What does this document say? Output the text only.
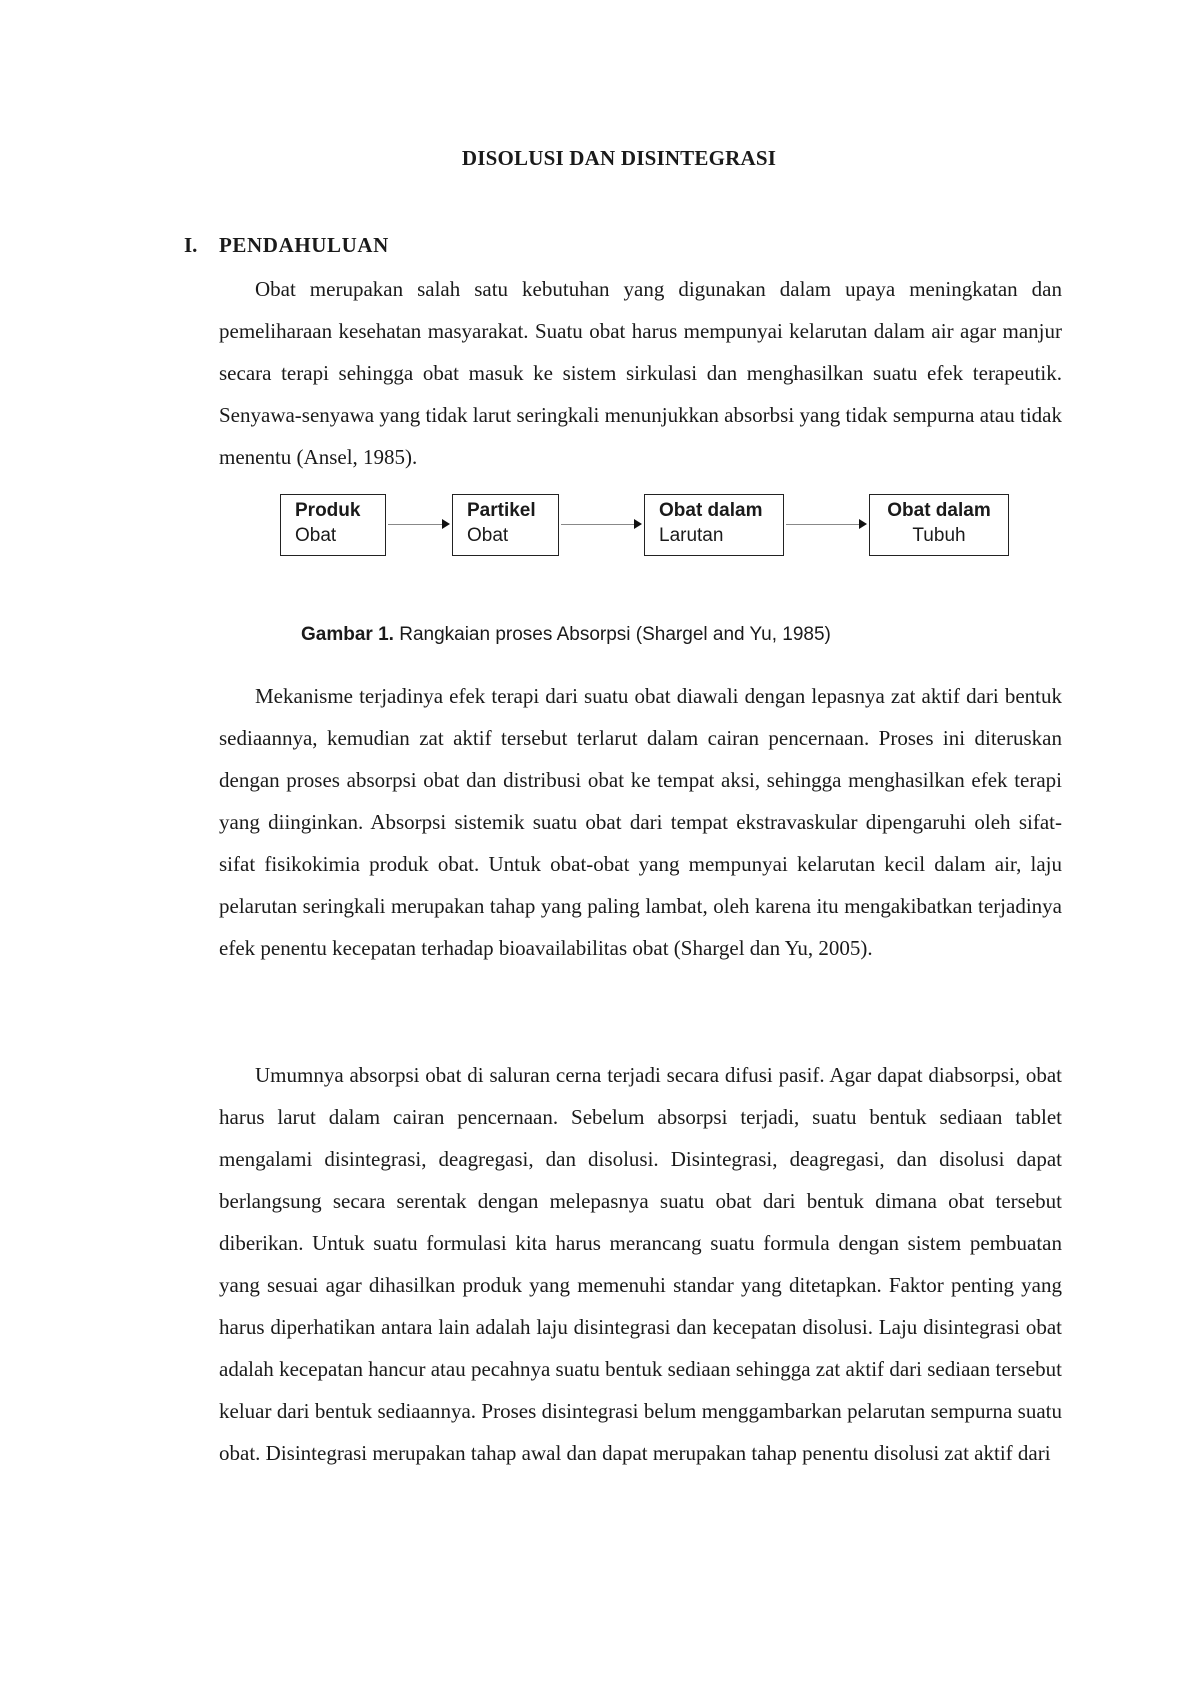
DISOLUSI DAN DISINTEGRASI
I. PENDAHULUAN

Obat merupakan salah satu kebutuhan yang digunakan dalam upaya meningkatan dan pemeliharaan kesehatan masyarakat. Suatu obat harus mempunyai kelarutan dalam air agar manjur secara terapi sehingga obat masuk ke sistem sirkulasi dan menghasilkan suatu efek terapeutik. Senyawa-senyawa yang tidak larut seringkali menunjukkan absorbsi yang tidak sempurna atau tidak menentu (Ansel, 1985).

Produk
Obat
Partikel
Obat
Obat dalam
Larutan
Obat dalam
Tubuh
Gambar 1. Rangkaian proses Absorpsi (Shargel and Yu, 1985)

Mekanisme terjadinya efek terapi dari suatu obat diawali dengan lepasnya zat aktif dari bentuk sediaannya, kemudian zat aktif tersebut terlarut dalam cairan pencernaan. Proses ini diteruskan dengan proses absorpsi obat dan distribusi obat ke tempat aksi, sehingga menghasilkan efek terapi yang diinginkan. Absorpsi sistemik suatu obat dari tempat ekstravaskular dipengaruhi oleh sifat-sifat fisikokimia produk obat. Untuk obat-obat yang mempunyai kelarutan kecil dalam air, laju pelarutan seringkali merupakan tahap yang paling lambat, oleh karena itu mengakibatkan terjadinya efek penentu kecepatan terhadap bioavailabilitas obat (Shargel dan Yu, 2005).

Umumnya absorpsi obat di saluran cerna terjadi secara difusi pasif. Agar dapat diabsorpsi, obat harus larut dalam cairan pencernaan. Sebelum absorpsi terjadi, suatu bentuk sediaan tablet mengalami disintegrasi, deagregasi, dan disolusi. Disintegrasi, deagregasi, dan disolusi dapat berlangsung secara serentak dengan melepasnya suatu obat dari bentuk dimana obat tersebut diberikan. Untuk suatu formulasi kita harus merancang suatu formula dengan sistem pembuatan yang sesuai agar dihasilkan produk yang memenuhi standar yang ditetapkan. Faktor penting yang harus diperhatikan antara lain adalah laju disintegrasi dan kecepatan disolusi. Laju disintegrasi obat adalah kecepatan hancur atau pecahnya suatu bentuk sediaan sehingga zat aktif dari sediaan tersebut keluar dari bentuk sediaannya. Proses disintegrasi belum menggambarkan pelarutan sempurna suatu obat. Disintegrasi merupakan tahap awal dan dapat merupakan tahap penentu disolusi zat aktif dari
